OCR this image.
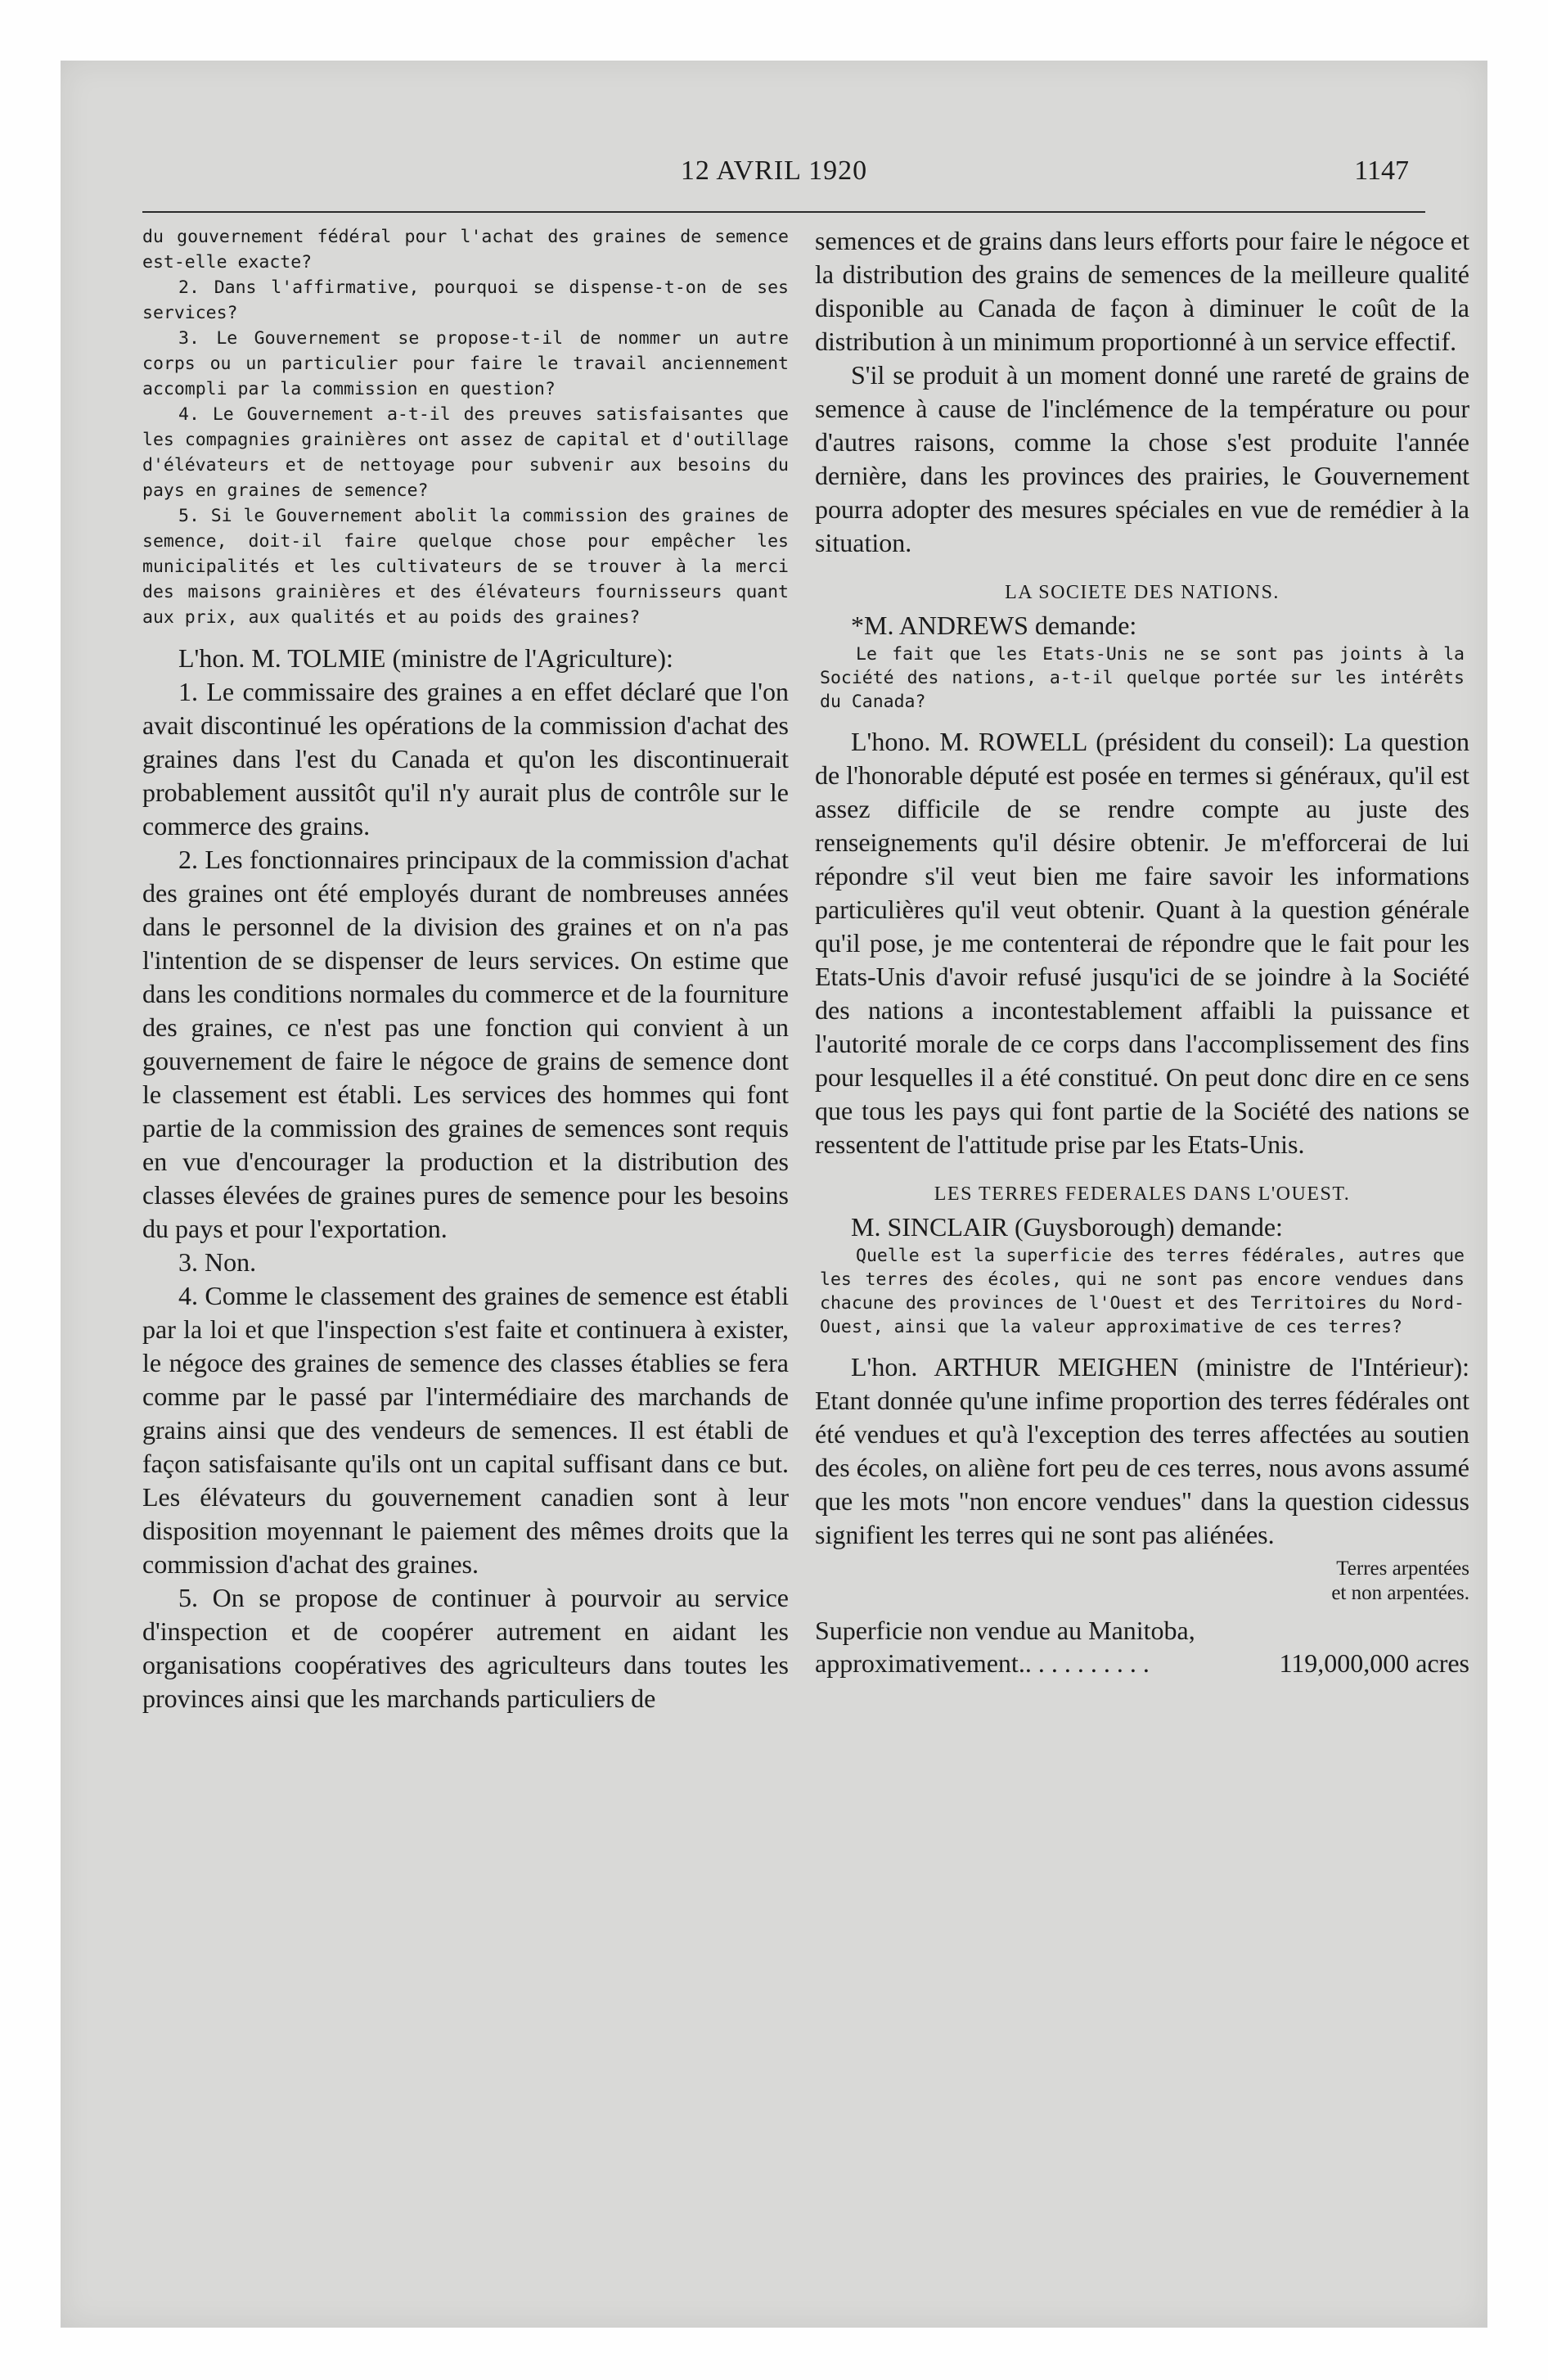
12 AVRIL 1920	1147

du gouvernement fédéral pour l'achat des graines de semence est-elle exacte?

2. Dans l'affirmative, pourquoi se dispense-t-on de ses services?

3. Le Gouvernement se propose-t-il de nommer un autre corps ou un particulier pour faire le travail anciennement accompli par la commission en question?

4. Le Gouvernement a-t-il des preuves satisfaisantes que les compagnies grainières ont assez de capital et d'outillage d'élévateurs et de nettoyage pour subvenir aux besoins du pays en graines de semence?

5. Si le Gouvernement abolit la commission des graines de semence, doit-il faire quelque chose pour empêcher les municipalités et les cultivateurs de se trouver à la merci des maisons grainières et des élévateurs fournisseurs quant aux prix, aux qualités et au poids des graines?

L'hon. M. TOLMIE (ministre de l'Agriculture):

1. Le commissaire des graines a en effet déclaré que l'on avait discontinué les opérations de la commission d'achat des graines dans l'est du Canada et qu'on les discontinuerait probablement aussitôt qu'il n'y aurait plus de contrôle sur le commerce des grains.

2. Les fonctionnaires principaux de la commission d'achat des graines ont été employés durant de nombreuses années dans le personnel de la division des graines et on n'a pas l'intention de se dispenser de leurs services. On estime que dans les conditions normales du commerce et de la fourniture des graines, ce n'est pas une fonction qui convient à un gouvernement de faire le négoce de grains de semence dont le classement est établi. Les services des hommes qui font partie de la commission des graines de semences sont requis en vue d'encourager la production et la distribution des classes élevées de graines pures de semence pour les besoins du pays et pour l'exportation.

3. Non.

4. Comme le classement des graines de semence est établi par la loi et que l'inspection s'est faite et continuera à exister, le négoce des graines de semence des classes établies se fera comme par le passé par l'intermédiaire des marchands de grains ainsi que des vendeurs de semences. Il est établi de façon satisfaisante qu'ils ont un capital suffisant dans ce but. Les élévateurs du gouvernement canadien sont à leur disposition moyennant le paiement des mêmes droits que la commission d'achat des graines.

5. On se propose de continuer à pourvoir au service d'inspection et de coopérer autrement en aidant les organisations coopératives des agriculteurs dans toutes les provinces ainsi que les marchands particuliers de

semences et de grains dans leurs efforts pour faire le négoce et la distribution des grains de semences de la meilleure qualité disponible au Canada de façon à diminuer le coût de la distribution à un minimum proportionné à un service effectif.

S'il se produit à un moment donné une rareté de grains de semence à cause de l'inclémence de la température ou pour d'autres raisons, comme la chose s'est produite l'année dernière, dans les provinces des prairies, le Gouvernement pourra adopter des mesures spéciales en vue de remédier à la situation.

LA SOCIETE DES NATIONS.

*M. ANDREWS demande:

Le fait que les Etats-Unis ne se sont pas joints à la Société des nations, a-t-il quelque portée sur les intérêts du Canada?

L'hono. M. ROWELL (président du conseil): La question de l'honorable député est posée en termes si généraux, qu'il est assez difficile de se rendre compte au juste des renseignements qu'il désire obtenir. Je m'efforcerai de lui répondre s'il veut bien me faire savoir les informations particulières qu'il veut obtenir. Quant à la question générale qu'il pose, je me contenterai de répondre que le fait pour les Etats-Unis d'avoir refusé jusqu'ici de se joindre à la Société des nations a incontestablement affaibli la puissance et l'autorité morale de ce corps dans l'accomplissement des fins pour lesquelles il a été constitué. On peut donc dire en ce sens que tous les pays qui font partie de la Société des nations se ressentent de l'attitude prise par les Etats-Unis.

LES TERRES FEDERALES DANS L'OUEST.

M. SINCLAIR (Guysborough) demande:

Quelle est la superficie des terres fédérales, autres que les terres des écoles, qui ne sont pas encore vendues dans chacune des provinces de l'Ouest et des Territoires du Nord-Ouest, ainsi que la valeur approximative de ces terres?

L'hon. ARTHUR MEIGHEN (ministre de l'Intérieur): Etant donnée qu'une infime proportion des terres fédérales ont été vendues et qu'à l'exception des terres affectées au soutien des écoles, on aliène fort peu de ces terres, nous avons assumé que les mots "non encore vendues" dans la question cidessus signifient les terres qui ne sont pas aliénées.

Terres arpentées
et non arpentées.
Superficie non vendue au Manitoba, approximativement.. . . . . . . . . .	119,000,000 acres
